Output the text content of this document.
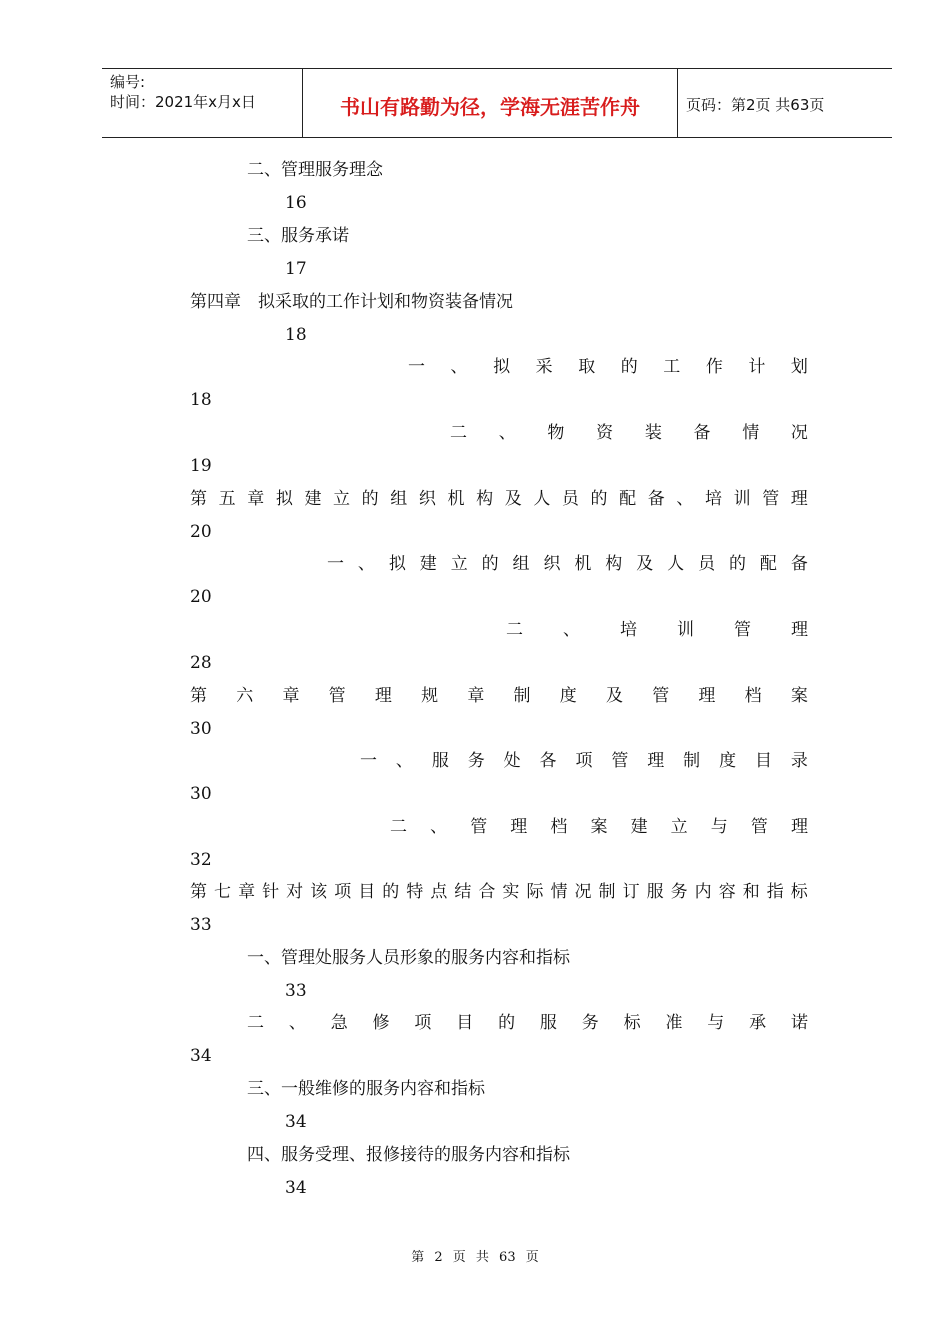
编号:
时间：2021年x月x日	书山有路勤为径，学海无涯苦作舟	页码：第2页 共63页
二、管理服务理念
16
三、服务承诺
17
第四章　拟采取的工作计划和物资装备情况
18
一 、 拟 采 取 的 工 作 计 划
18
二 、 物 资 装 备 情 况
19
第 五 章 拟 建 立 的 组 织 机 构 及 人 员 的 配 备 、 培 训 管 理
20
一 、 拟 建 立 的 组 织 机 构 及 人 员 的 配 备
20
二 、 培 训 管 理
28
第 六 章 管 理 规 章 制 度 及 管 理 档 案
30
一 、 服 务 处 各 项 管 理 制 度 目 录
30
二 、 管 理 档 案 建 立 与 管 理
32
第 七 章 针 对 该 项 目 的 特 点 结 合 实 际 情 况 制 订 服 务 内 容 和 指 标
33
一、管理处服务人员形象的服务内容和指标
33
二 、 急 修 项 目 的 服 务 标 准 与 承 诺
34
三、一般维修的服务内容和指标
34
四、服务受理、报修接待的服务内容和指标
34
第 2 页 共 63 页
